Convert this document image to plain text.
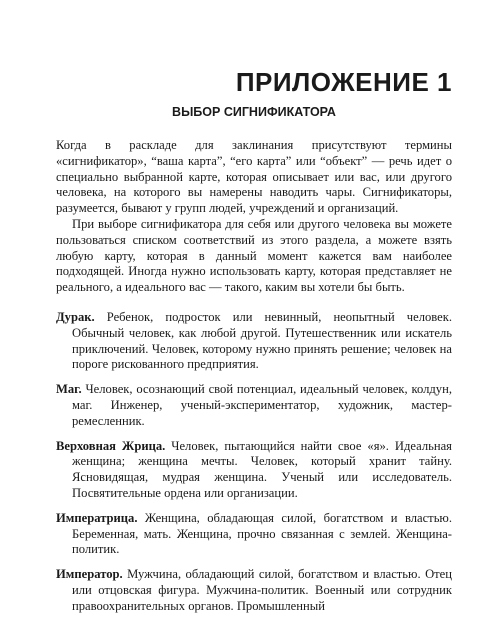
ПРИЛОЖЕНИЕ 1
ВЫБОР СИГНИФИКАТОРА

Когда в раскладе для заклинания присутствуют термины «сигнификатор», “ваша карта”, “его карта” или “объект” — речь идет о специально выбранной карте, которая описывает или вас, или другого человека, на которого вы намерены наводить чары. Сигнификаторы, разумеется, бывают у групп людей, учреждений и организаций.

При выборе сигнификатора для себя или другого человека вы можете пользоваться списком соответствий из этого раздела, а можете взять любую карту, которая в данный момент кажется вам наиболее подходящей. Иногда нужно использовать карту, которая представляет не реального, а идеального вас — такого, каким вы хотели бы быть.

Дурак. Ребенок, подросток или невинный, неопытный человек. Обычный человек, как любой другой. Путешественник или искатель приключений. Человек, которому нужно принять решение; человек на пороге рискованного предприятия.

Маг. Человек, осознающий свой потенциал, идеальный человек, колдун, маг. Инженер, ученый-экспериментатор, художник, мастер-ремесленник.

Верховная Жрица. Человек, пытающийся найти свое «я». Идеальная женщина; женщина мечты. Человек, который хранит тайну. Ясновидящая, мудрая женщина. Ученый или исследователь. Посвятительные ордена или организации.

Императрица. Женщина, обладающая силой, богатством и властью. Беременная, мать. Женщина, прочно связанная с землей. Женщина-политик.

Император. Мужчина, обладающий силой, богатством и властью. Отец или отцовская фигура. Мужчина-политик. Военный или сотрудник правоохранительных органов. Промышленный
